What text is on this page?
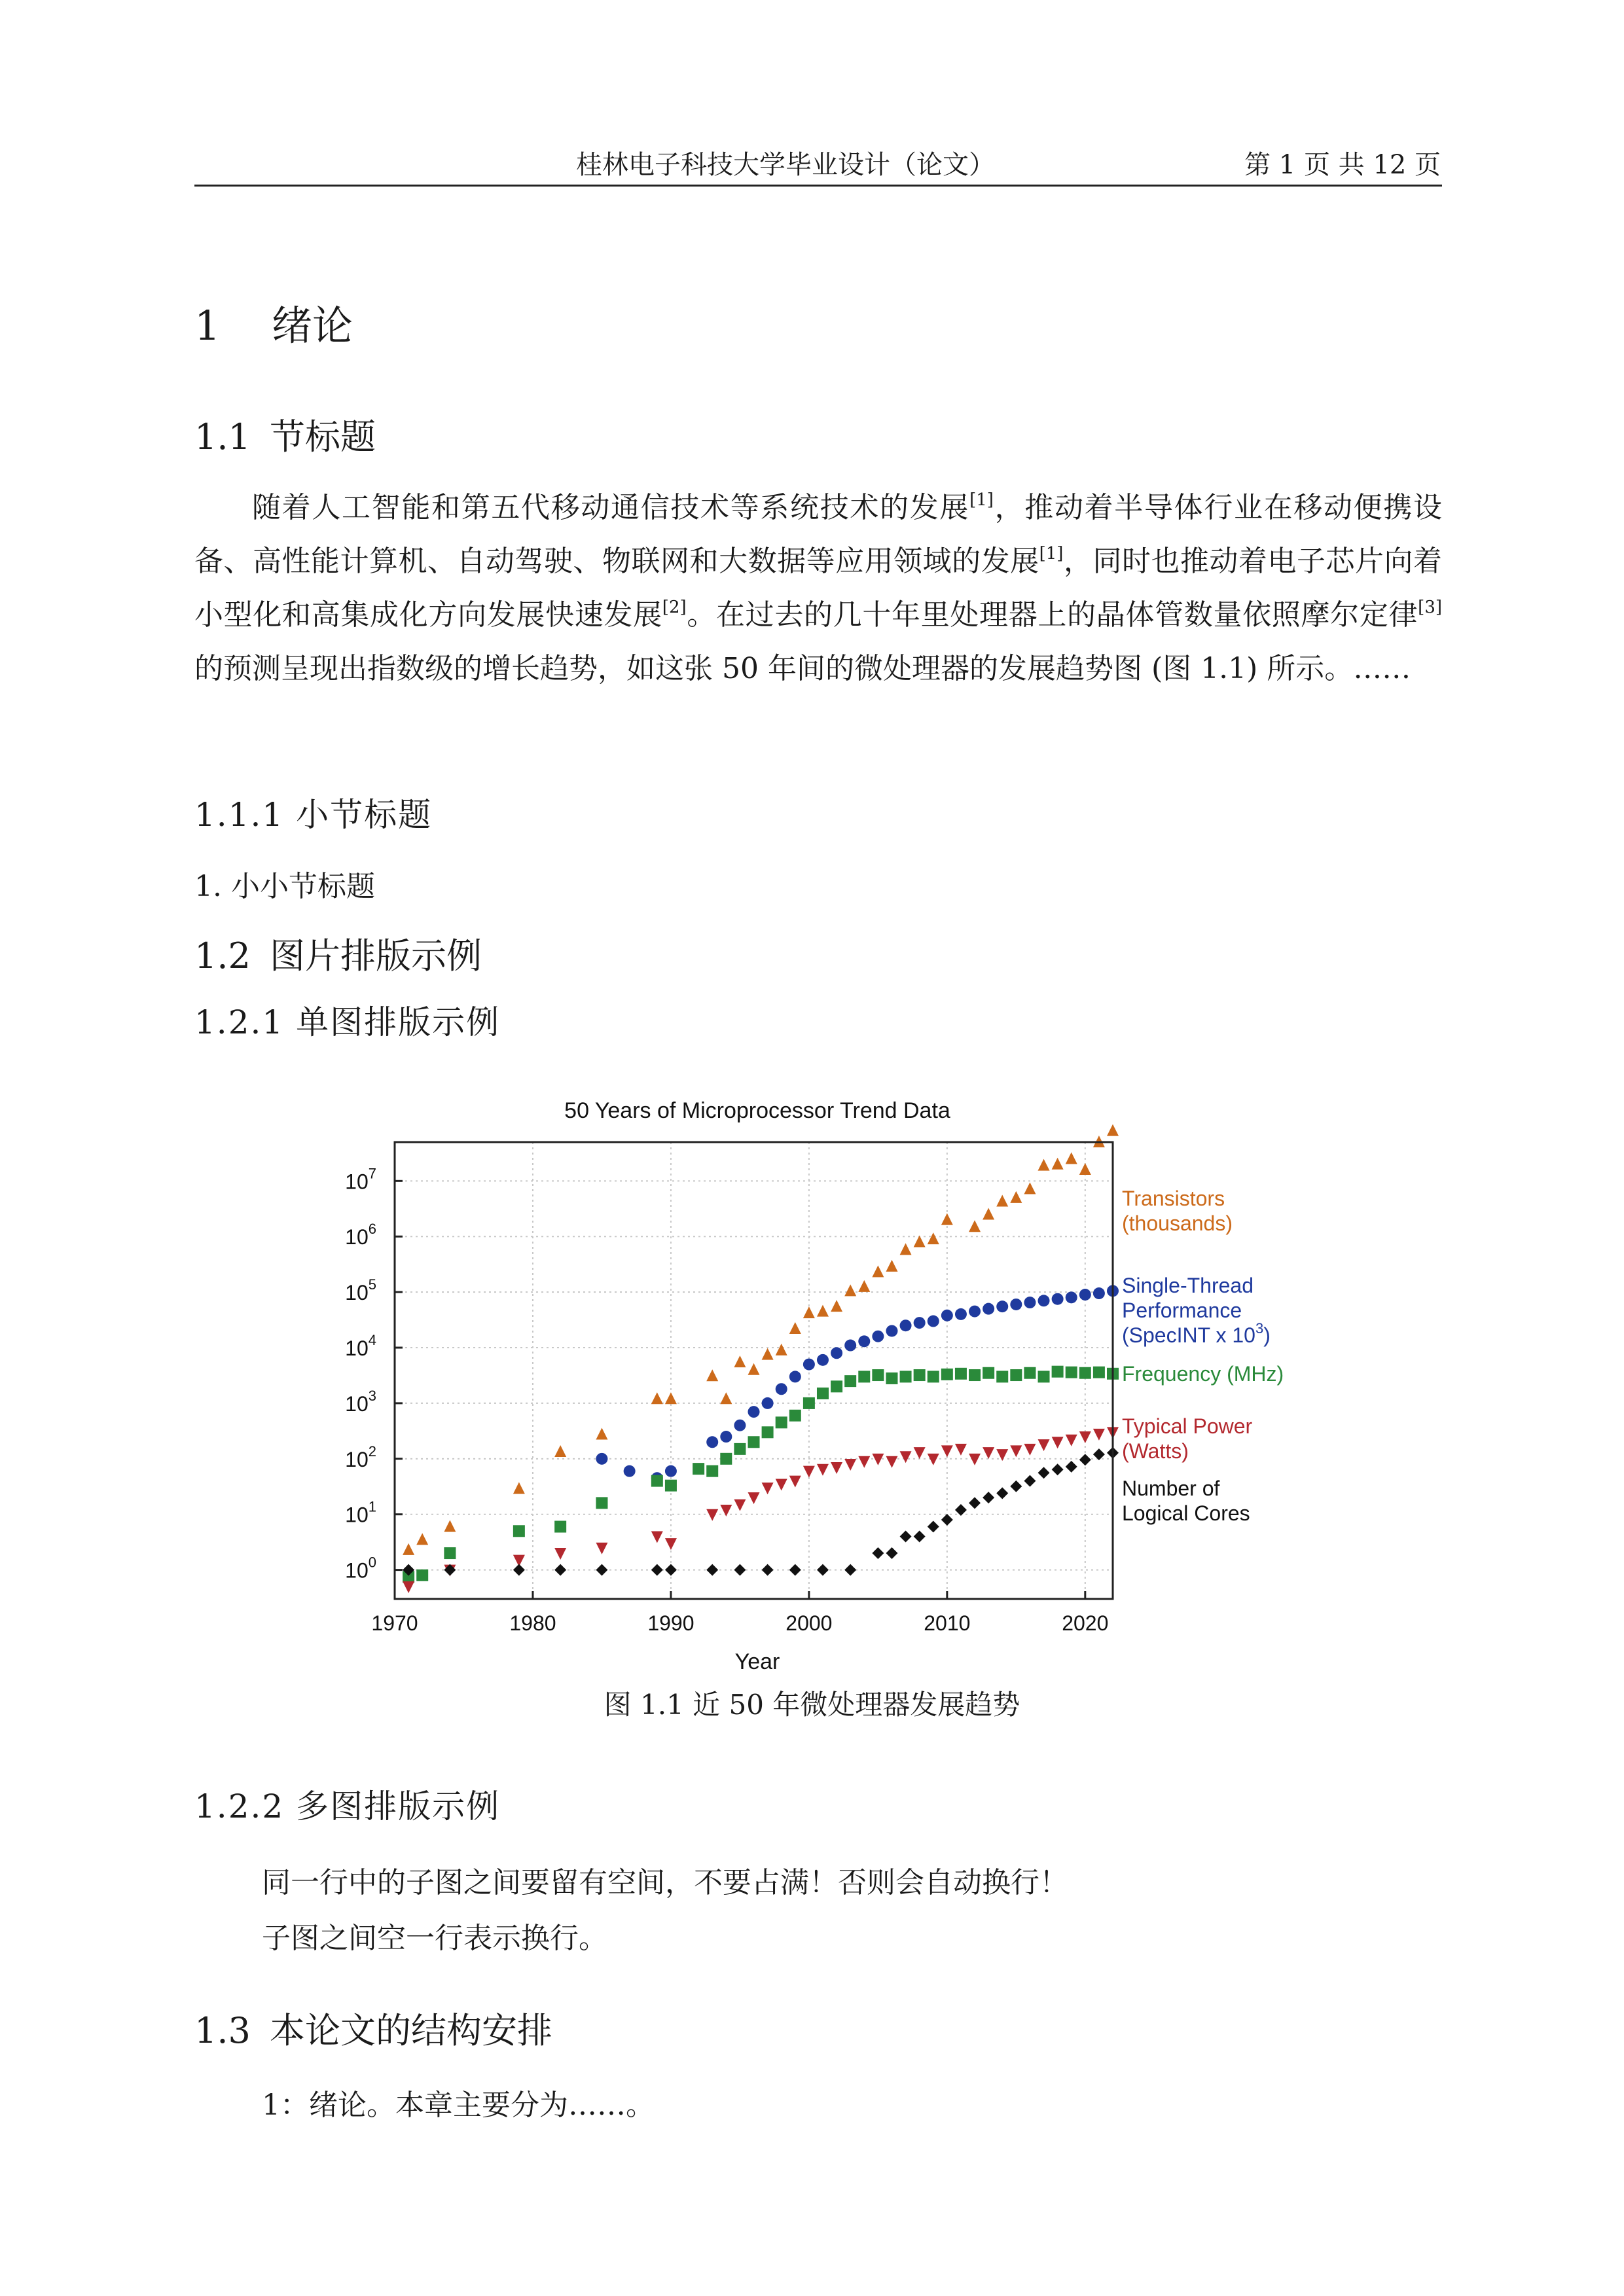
桂林电子科技大学毕业设计（论文）	第 1 页 共 12 页
1 绪论
1.1 节标题

随着人工智能和第五代移动通信技术等系统技术的发展[1]，推动着半导体行业在移动便携设备、高性能计算机、自动驾驶、物联网和大数据等应用领域的发展[1]，同时也推动着电子芯片向着小型化和高集成化方向发展快速发展[2]。在过去的几十年里处理器上的晶体管数量依照摩尔定律[3] 的预测呈现出指数级的增长趋势，如这张 50 年间的微处理器的发展趋势图 (图 1.1) 所示。……

1.1.1 小节标题
1. 小小节标题
1.2 图片排版示例
1.2.1 单图排版示例
50 Years of Microprocessor Trend Data
1970	1980	1990	2000	2010	2020
$10^0$
$10^1$
$10^2$
$10^3$
$10^4$
$10^5$
$10^6$
$10^7$
Transistors
(thousands)
Single-Thread
Performance
(SpecINT x $10^3$)
Frequency (MHz)
Typical Power
(Watts)
Number of
Logical Cores
Year
图 1.1 近 50 年微处理器发展趋势
1.2.2 多图排版示例
同一行中的子图之间要留有空间，不要占满！否则会自动换行！
子图之间空一行表示换行。
1.3 本论文的结构安排
1：绪论。本章主要分为……。
